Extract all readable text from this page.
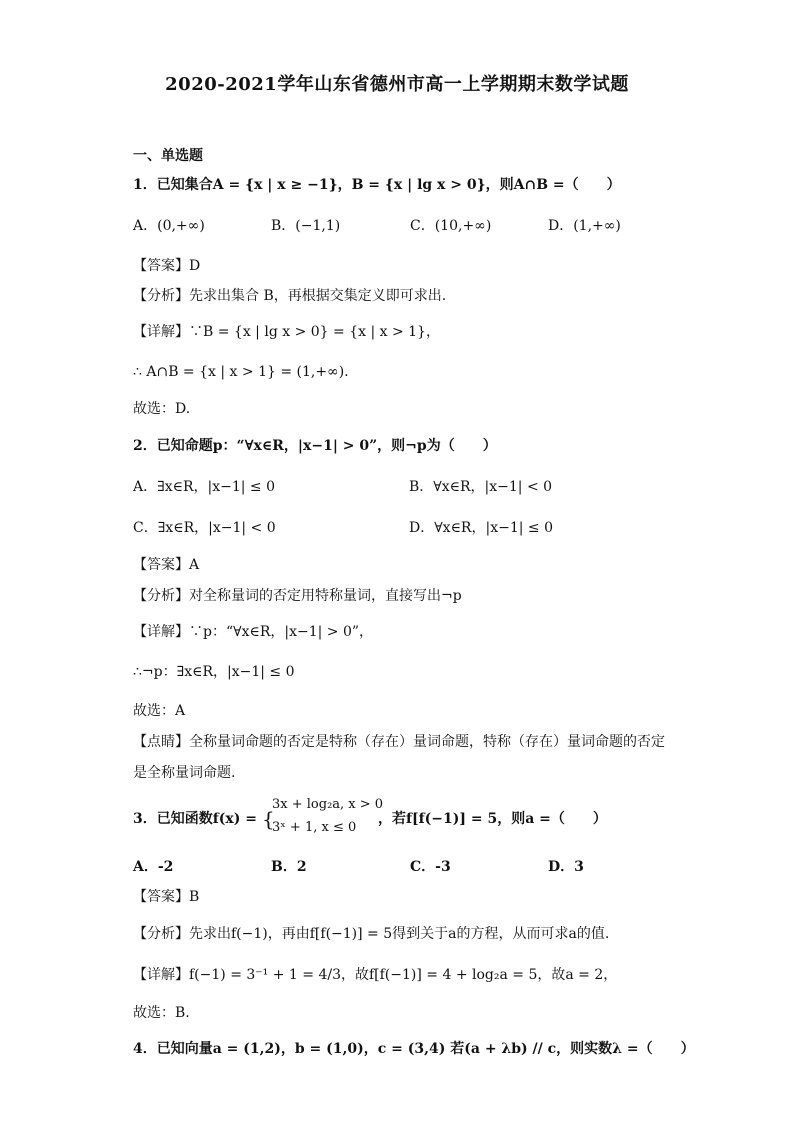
2020-2021学年山东省德州市高一上学期期末数学试题
一、单选题
1．已知集合A = {x | x ≥ −1}，B = {x | lg x > 0}，则A∩B =（　　）
A．(0,+∞)	B．(−1,1)	C．(10,+∞)	D．(1,+∞)
【答案】D
【分析】先求出集合 B，再根据交集定义即可求出.
【详解】∵B = {x | lg x > 0} = {x | x > 1}，
∴ A∩B = {x | x > 1} = (1,+∞).
故选：D.
2．已知命题p：“∀x∈R，|x−1| > 0”，则¬p为（　　）
A．∃x∈R，|x−1| ≤ 0	B．∀x∈R，|x−1| < 0
C．∃x∈R，|x−1| < 0	D．∀x∈R，|x−1| ≤ 0
【答案】A
【分析】对全称量词的否定用特称量词，直接写出¬p
【详解】∵p：“∀x∈R，|x−1| > 0”，
∴¬p：∃x∈R，|x−1| ≤ 0
故选：A
【点睛】全称量词命题的否定是特称（存在）量词命题，特称（存在）量词命题的否定
是全称量词命题.
3．已知函数f(x) = {
3x + log₂a, x > 0
3ˣ + 1, x ≤ 0
，若f[f(−1)] = 5，则a =（　　）
A．-2	B．2	C．-3	D．3
【答案】B
【分析】先求出f(−1)，再由f[f(−1)] = 5得到关于a的方程，从而可求a的值.
【详解】f(−1) = 3⁻¹ + 1 = 4/3，故f[f(−1)] = 4 + log₂a = 5，故a = 2，
故选：B.
4．已知向量a = (1,2)，b = (1,0)，c = (3,4) 若(a + λb) // c，则实数λ =（　　）
